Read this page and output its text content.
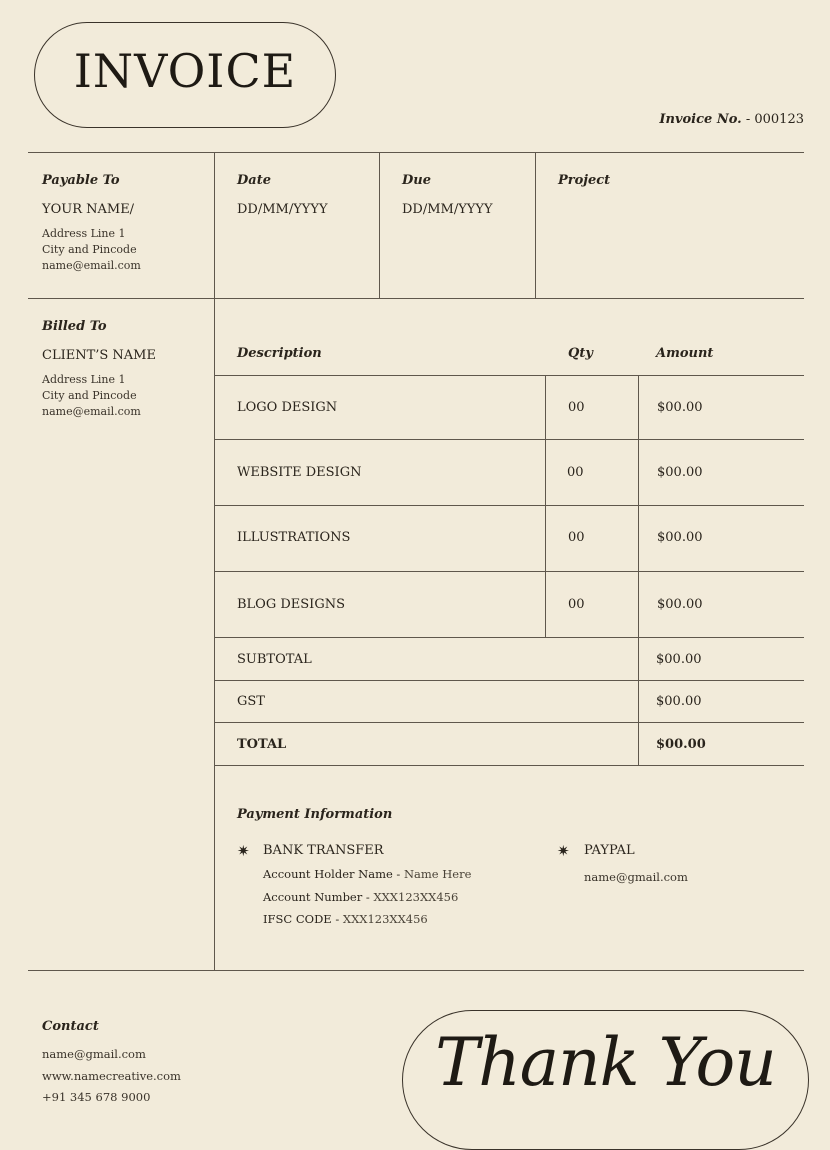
INVOICE
Invoice No. - 000123
Payable To
YOUR NAME/
Address Line 1
City and Pincode
name@email.com
Date
DD/MM/YYYY
Due
DD/MM/YYYY
Project
Billed To
CLIENT’S NAME
Address Line 1
City and Pincode
name@email.com
Description	Qty	Amount
LOGO DESIGN	00	$00.00
WEBSITE DESIGN	00	$00.00
ILLUSTRATIONS	00	$00.00
BLOG DESIGNS	00	$00.00
SUBTOTAL	$00.00
GST	$00.00
TOTAL	$00.00
Payment Information
✷ BANK TRANSFER
Account Holder Name - Name Here
Account Number - XXX123XX456
IFSC CODE - XXX123XX456
✷ PAYPAL
name@gmail.com
Contact
name@gmail.com
www.namecreative.com
+91 345 678 9000	Thank You
